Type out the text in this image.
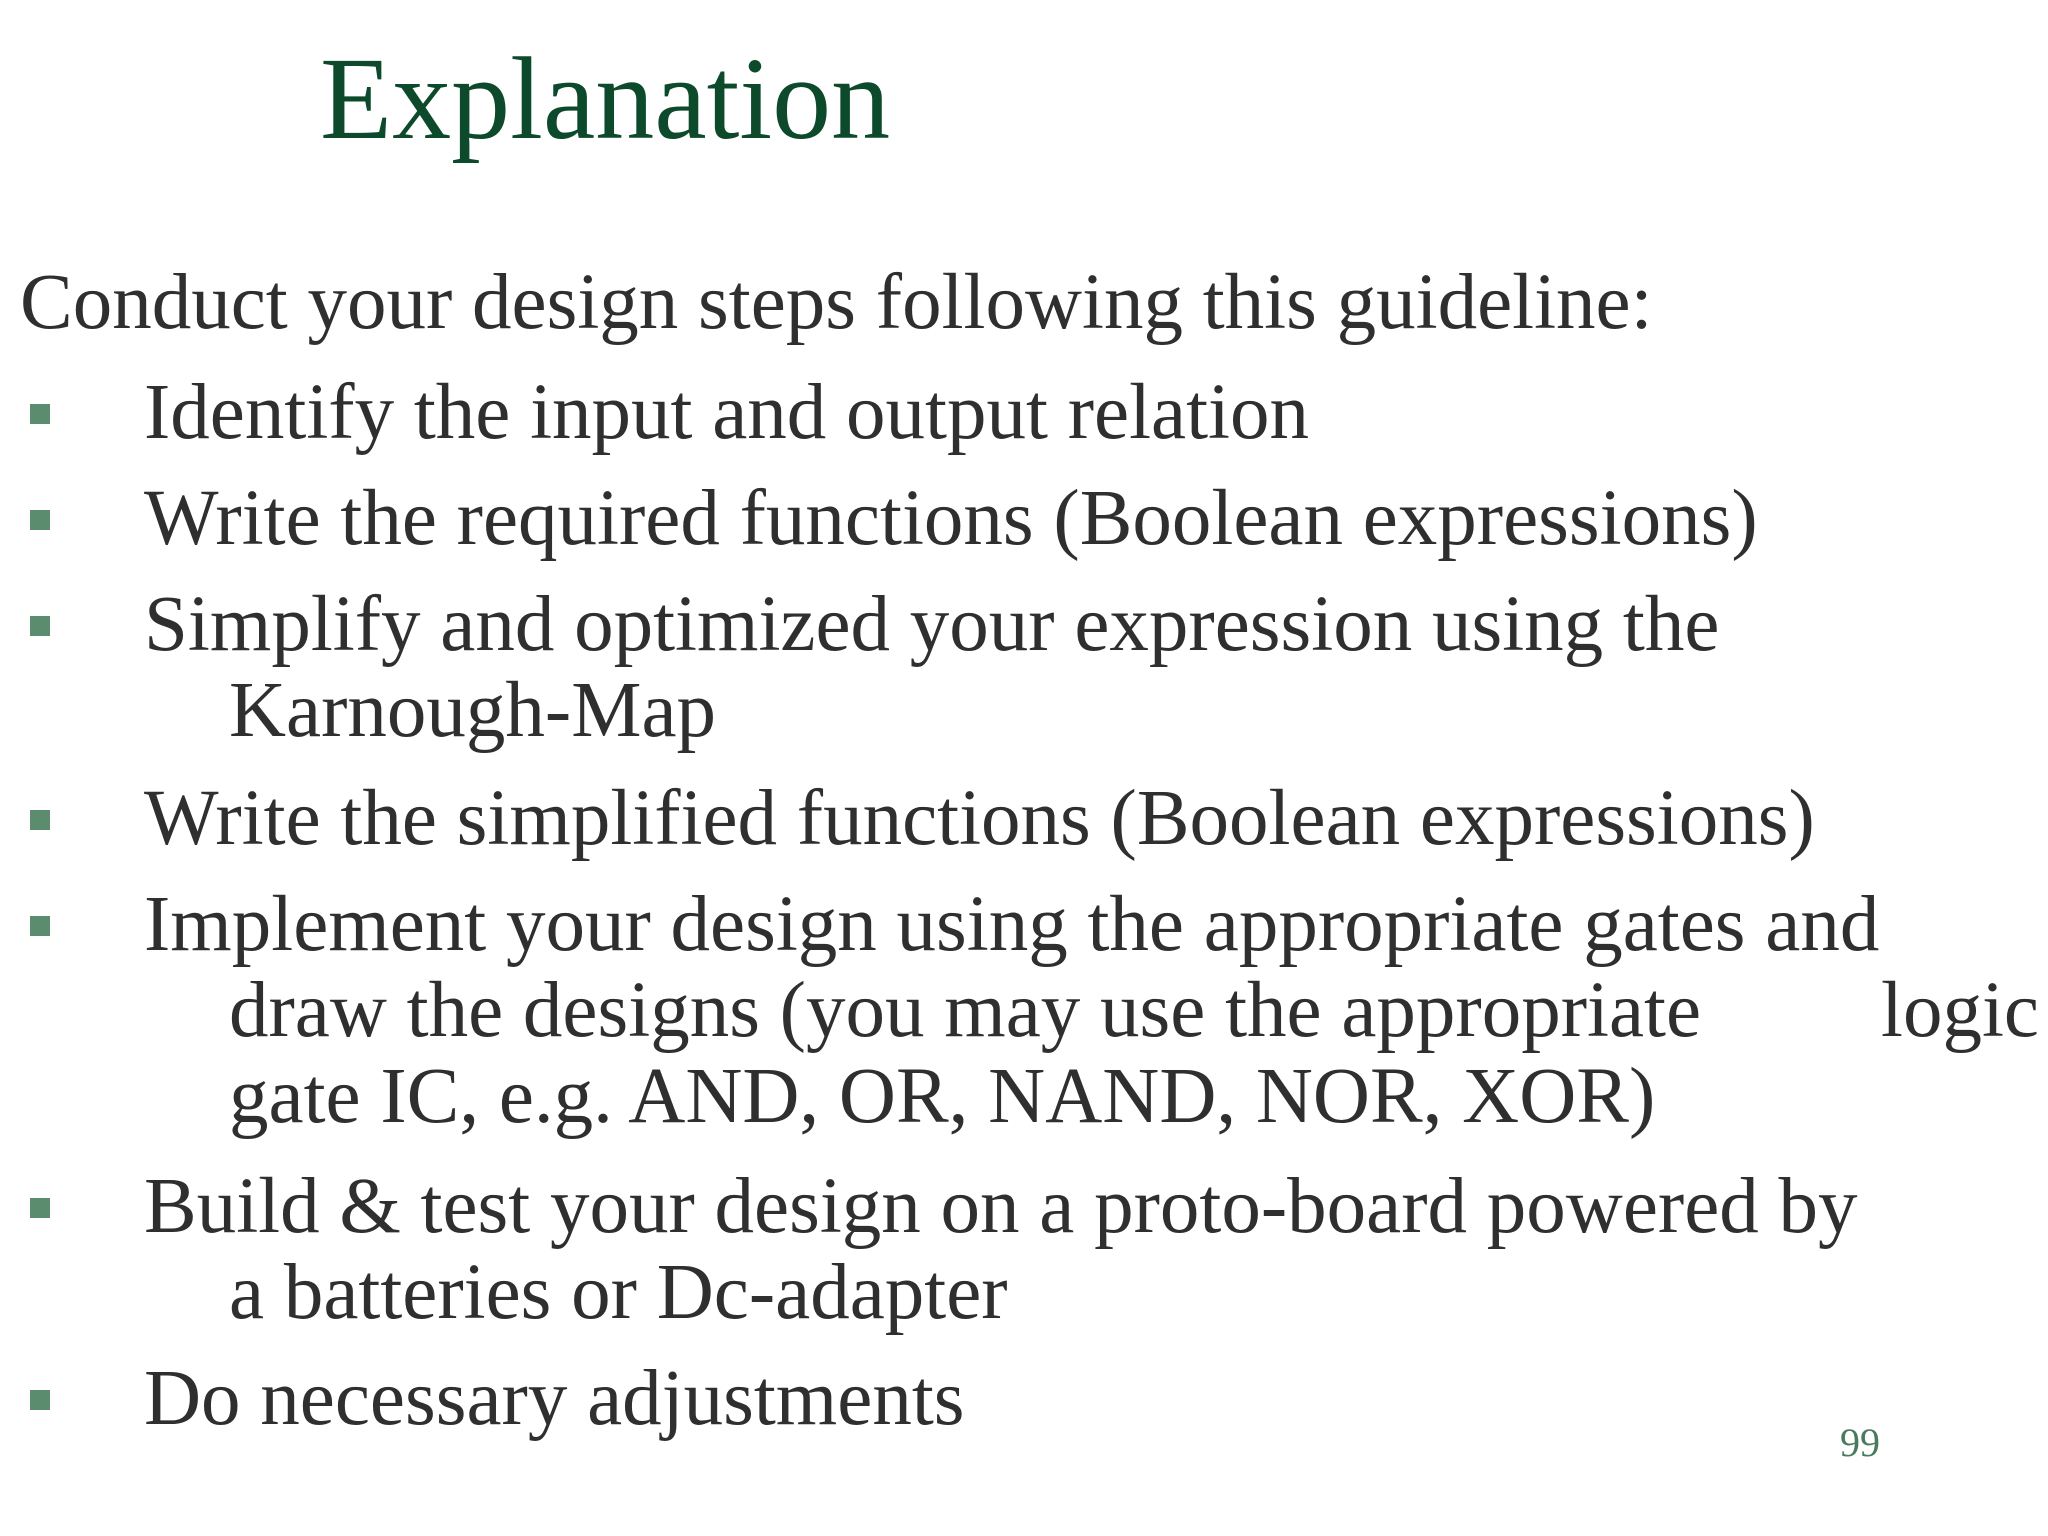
Explanation

Conduct your design steps following this guideline:

Identify the input and output relation

Write the required functions (Boolean expressions)

Simplify and optimized your expression using the

Karnough-Map

Write the simplified functions (Boolean expressions)

Implement your design using the appropriate gates and

draw the designs (you may use the appropriate logic

gate IC, e.g. AND, OR, NAND, NOR, XOR)

Build & test your design on a proto-board powered by

a batteries or Dc-adapter

Do necessary adjustments

99
